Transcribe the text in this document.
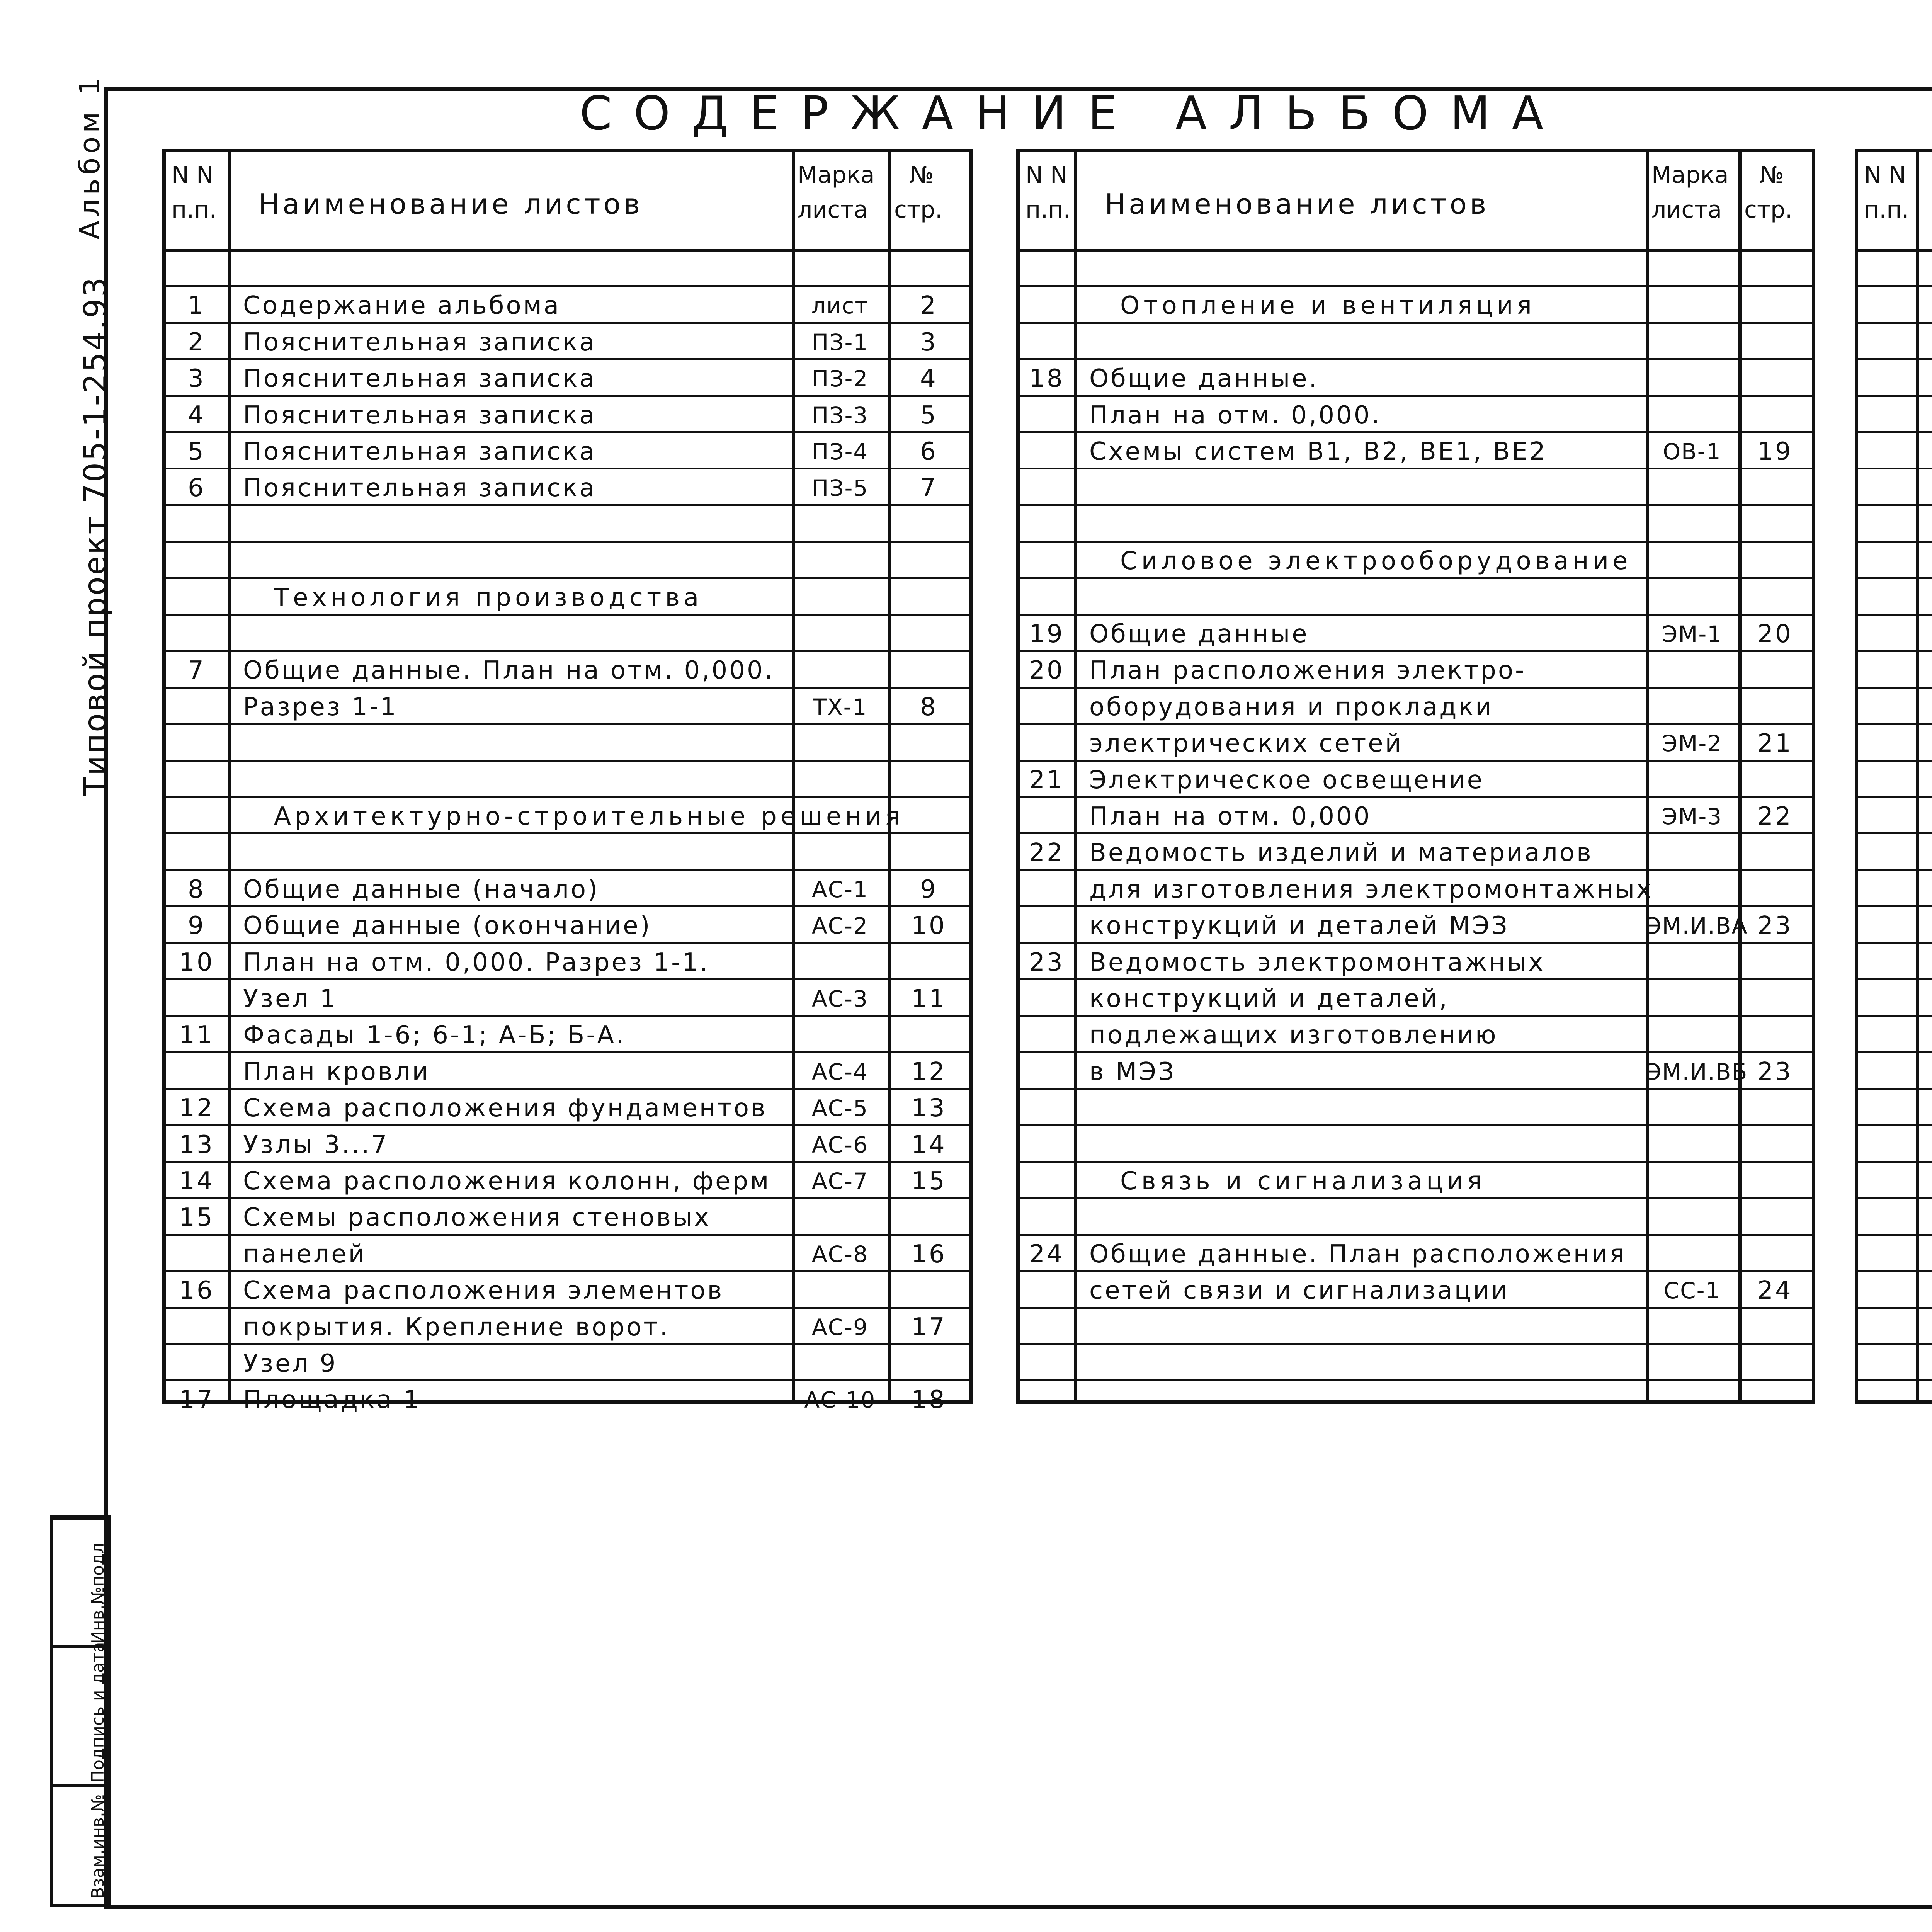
СОДЕРЖАНИЕ АЛЬБОМА
Альбом 1
Типовой проект 705-1-254.93
Инв.№подл
Подпись и дата
Взам.инв.№
N N
п.п. Наименование листов
Марка
листа
№
стр.
1	Содержание альбома	лист	2
2	Пояснительная записка	ПЗ-1	3
3	Пояснительная записка	ПЗ-2	4
4	Пояснительная записка	ПЗ-3	5
5	Пояснительная записка	ПЗ-4	6
6	Пояснительная записка	ПЗ-5	7
Технология производства
7	Общие данные. План на отм. 0,000.
Разрез 1-1	ТХ-1	8
Архитектурно-строительные решения
8	Общие данные (начало)	АС-1	9
9	Общие данные (окончание)	АС-2	10
10	План на отм. 0,000. Разрез 1-1.
Узел 1	АС-3	11
11	Фасады 1-6; 6-1; А-Б; Б-А.
План кровли	АС-4	12
12	Схема расположения фундаментов	АС-5	13
13	Узлы 3...7	АС-6	14
14	Схема расположения колонн, ферм	АС-7	15
15	Схемы расположения стеновых
панелей	АС-8	16
16	Схема расположения элементов
покрытия. Крепление ворот.	АС-9	17
Узел 9
17	Площадка 1	АС-10	18
N N
п.п. Наименование листов
Марка
листа
№
стр.
Отопление и вентиляция
18	Общие данные.
План на отм. 0,000.
Схемы систем В1, В2, ВЕ1, ВЕ2	ОВ-1	19
Силовое электрооборудование
19	Общие данные	ЭМ-1	20
20	План расположения электро-
оборудования и прокладки
электрических сетей	ЭМ-2	21
21	Электрическое освещение
План на отм. 0,000	ЭМ-3	22
22	Ведомость изделий и материалов
для изготовления электромонтажных
конструкций и деталей МЭЗ	ЭМ.И.ВА 23
23	Ведомость электромонтажных
конструкций и деталей,
подлежащих изготовлению
в МЭЗ	ЭМ.И.ВБ 23
Связь и сигнализация
24	Общие данные. План расположения
сетей связи и сигнализации	СС-1	24
N N
п.п.
